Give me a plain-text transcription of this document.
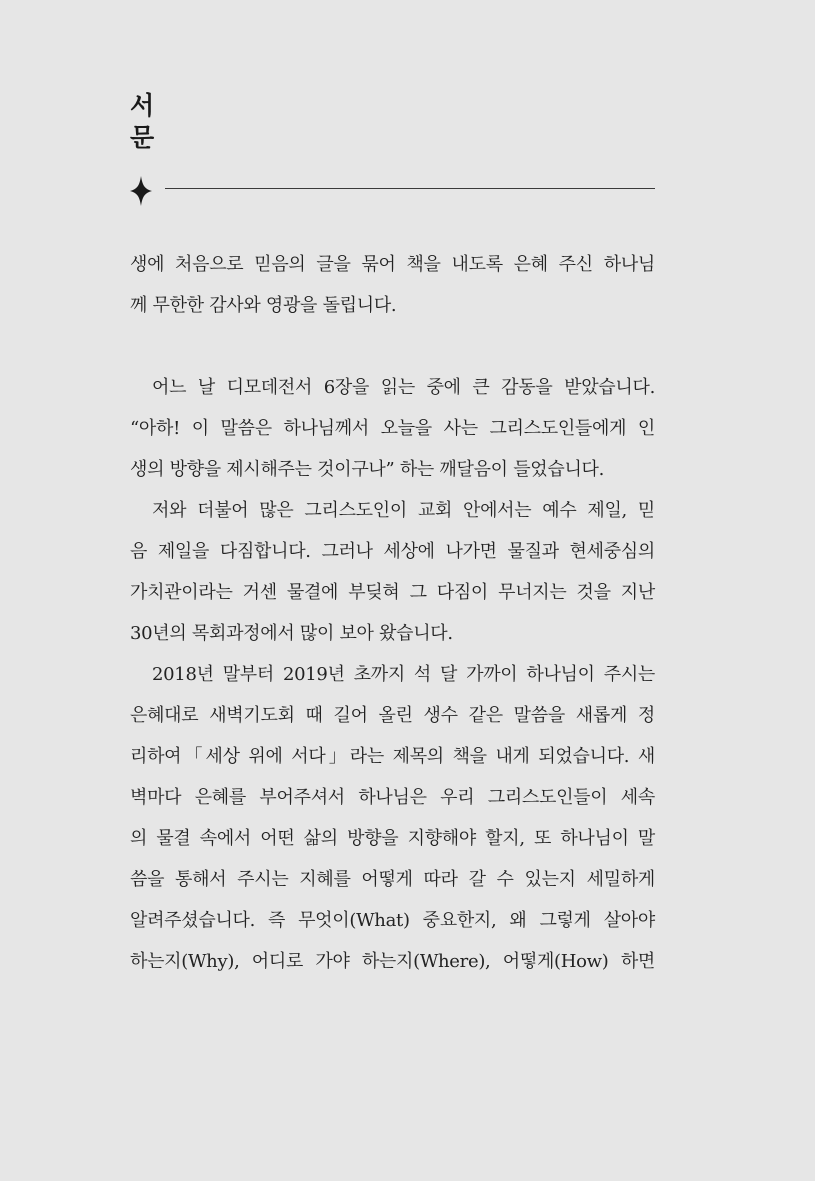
서
문

생에 처음으로 믿음의 글을 묶어 책을 내도록 은혜 주신 하나님
께 무한한 감사와 영광을 돌립니다.

어느 날 디모데전서 6장을 읽는 중에 큰 감동을 받았습니다.
“아하! 이 말씀은 하나님께서 오늘을 사는 그리스도인들에게 인
생의 방향을 제시해주는 것이구나” 하는 깨달음이 들었습니다.

저와 더불어 많은 그리스도인이 교회 안에서는 예수 제일, 믿
음 제일을 다짐합니다. 그러나 세상에 나가면 물질과 현세중심의
가치관이라는 거센 물결에 부딪혀 그 다짐이 무너지는 것을 지난
30년의 목회과정에서 많이 보아 왔습니다.

2018년 말부터 2019년 초까지 석 달 가까이 하나님이 주시는
은혜대로 새벽기도회 때 길어 올린 생수 같은 말씀을 새롭게 정
리하여「세상 위에 서다」라는 제목의 책을 내게 되었습니다. 새
벽마다 은혜를 부어주셔서 하나님은 우리 그리스도인들이 세속
의 물결 속에서 어떤 삶의 방향을 지향해야 할지, 또 하나님이 말
씀을 통해서 주시는 지혜를 어떻게 따라 갈 수 있는지 세밀하게
알려주셨습니다. 즉 무엇이(What) 중요한지, 왜 그렇게 살아야
하는지(Why), 어디로 가야 하는지(Where), 어떻게(How) 하면
